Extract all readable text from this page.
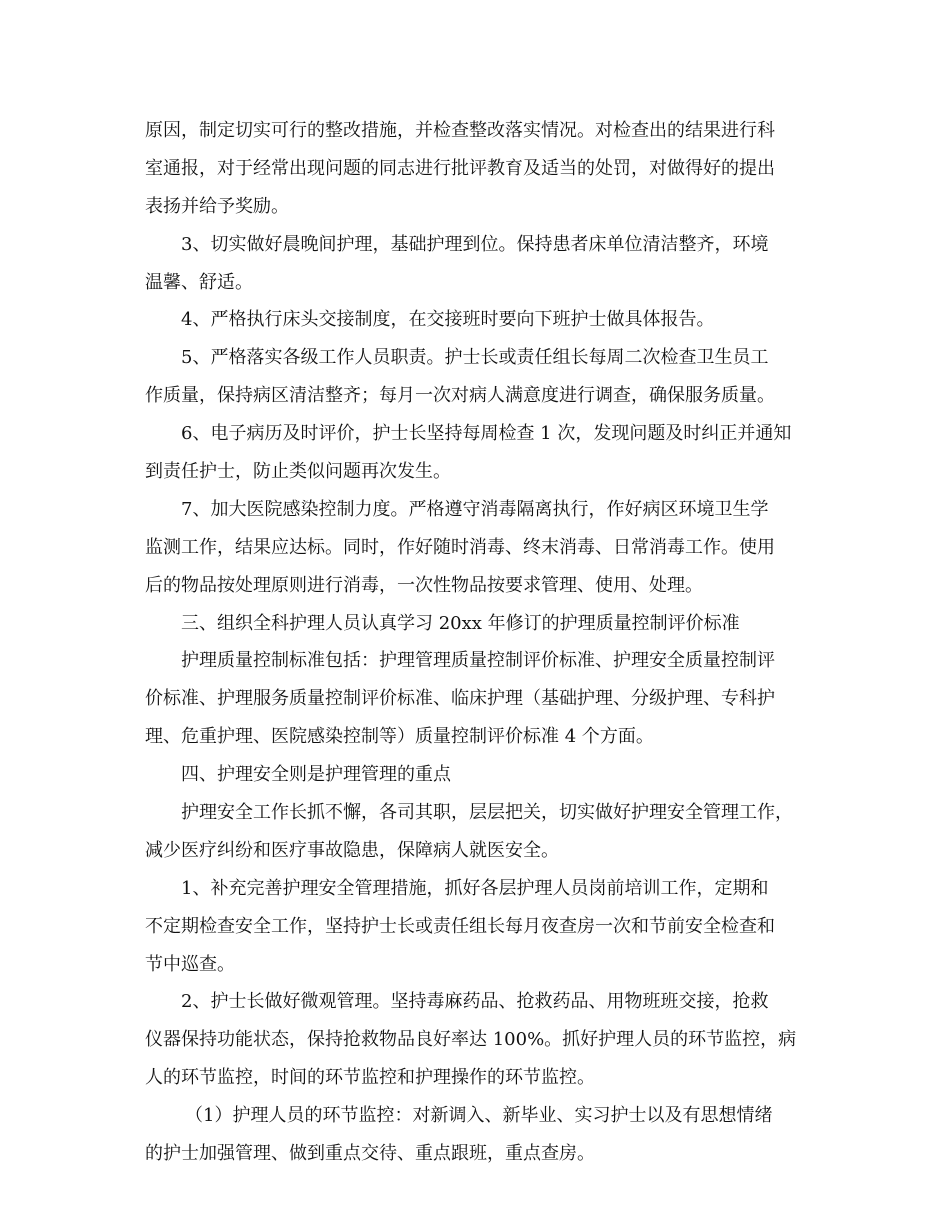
原因，制定切实可行的整改措施，并检查整改落实情况。对检查出的结果进行科
室通报，对于经常出现问题的同志进行批评教育及适当的处罚，对做得好的提出
表扬并给予奖励。
3、切实做好晨晚间护理，基础护理到位。保持患者床单位清洁整齐，环境
温馨、舒适。
4、严格执行床头交接制度，在交接班时要向下班护士做具体报告。
5、严格落实各级工作人员职责。护士长或责任组长每周二次检查卫生员工
作质量，保持病区清洁整齐；每月一次对病人满意度进行调查，确保服务质量。
6、电子病历及时评价，护士长坚持每周检查 1 次，发现问题及时纠正并通知
到责任护士，防止类似问题再次发生。
7、加大医院感染控制力度。严格遵守消毒隔离执行，作好病区环境卫生学
监测工作，结果应达标。同时，作好随时消毒、终末消毒、日常消毒工作。使用
后的物品按处理原则进行消毒，一次性物品按要求管理、使用、处理。
三、组织全科护理人员认真学习 20xx 年修订的护理质量控制评价标准
护理质量控制标准包括：护理管理质量控制评价标准、护理安全质量控制评
价标准、护理服务质量控制评价标准、临床护理（基础护理、分级护理、专科护
理、危重护理、医院感染控制等）质量控制评价标准 4 个方面。
四、护理安全则是护理管理的重点
护理安全工作长抓不懈，各司其职，层层把关，切实做好护理安全管理工作，
减少医疗纠纷和医疗事故隐患，保障病人就医安全。
1、补充完善护理安全管理措施，抓好各层护理人员岗前培训工作，定期和
不定期检查安全工作，坚持护士长或责任组长每月夜查房一次和节前安全检查和
节中巡查。
2、护士长做好微观管理。坚持毒麻药品、抢救药品、用物班班交接，抢救
仪器保持功能状态，保持抢救物品良好率达 100%。抓好护理人员的环节监控，病
人的环节监控，时间的环节监控和护理操作的环节监控。
（1）护理人员的环节监控：对新调入、新毕业、实习护士以及有思想情绪
的护士加强管理、做到重点交待、重点跟班，重点查房。
